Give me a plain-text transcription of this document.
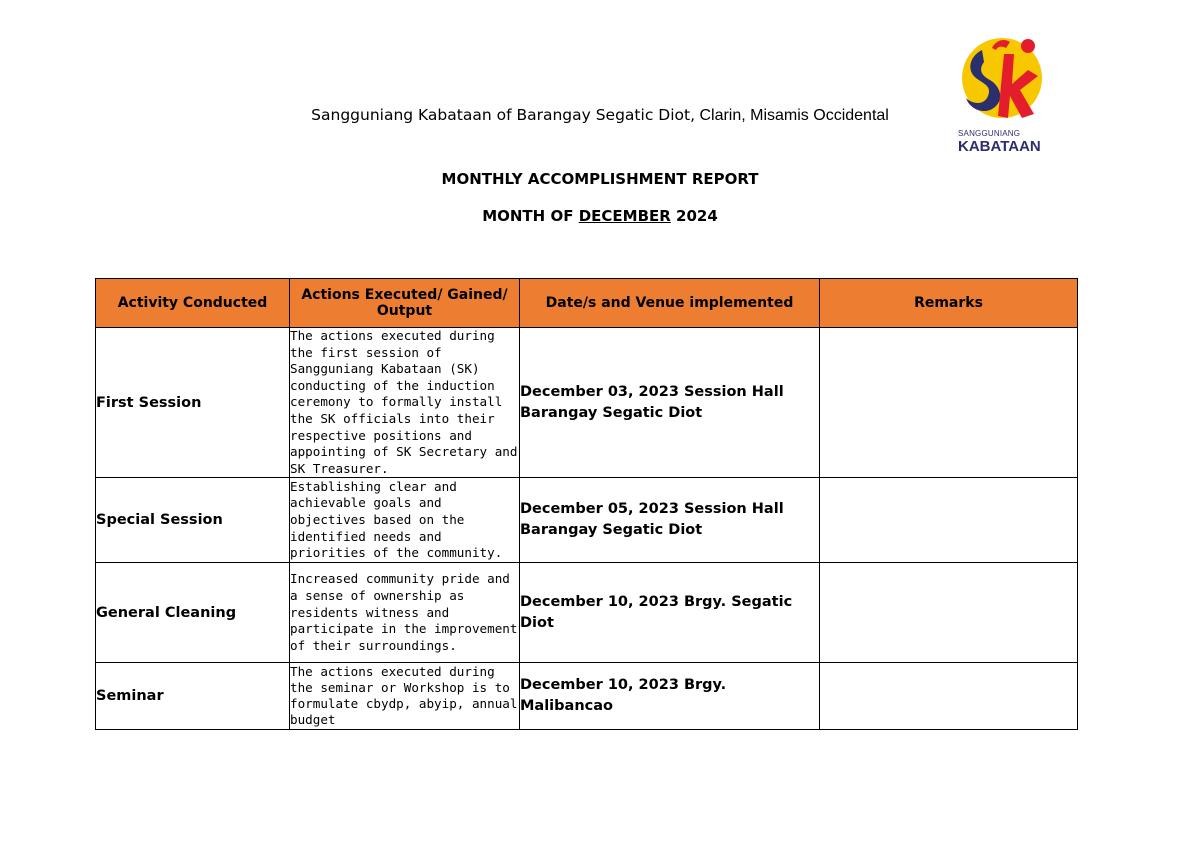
Sangguniang Kabataan of Barangay Segatic Diot, Clarin, Misamis Occidental
MONTHLY ACCOMPLISHMENT REPORT
MONTH OF DECEMBER 2024
SANGGUNIANG
KABATAAN
Activity Conducted	Actions Executed/ Gained/ Output	Date/s and Venue implemented	Remarks
First Session	The actions executed during the first session of Sangguniang Kabataan (SK) conducting of the induction ceremony to formally install the SK officials into their respective positions and appointing of SK Secretary and SK Treasurer.	December 03, 2023 Session Hall Barangay Segatic Diot	
Special Session	Establishing clear and achievable goals and objectives based on the identified needs and priorities of the community.	December 05, 2023 Session Hall Barangay Segatic Diot	
General Cleaning	Increased community pride and a sense of ownership as residents witness and participate in the improvement of their surroundings.	December 10, 2023 Brgy. Segatic Diot	
Seminar	The actions executed during the seminar or Workshop is to formulate cbydp, abyip, annual budget	December 10, 2023 Brgy. Malibancao	
